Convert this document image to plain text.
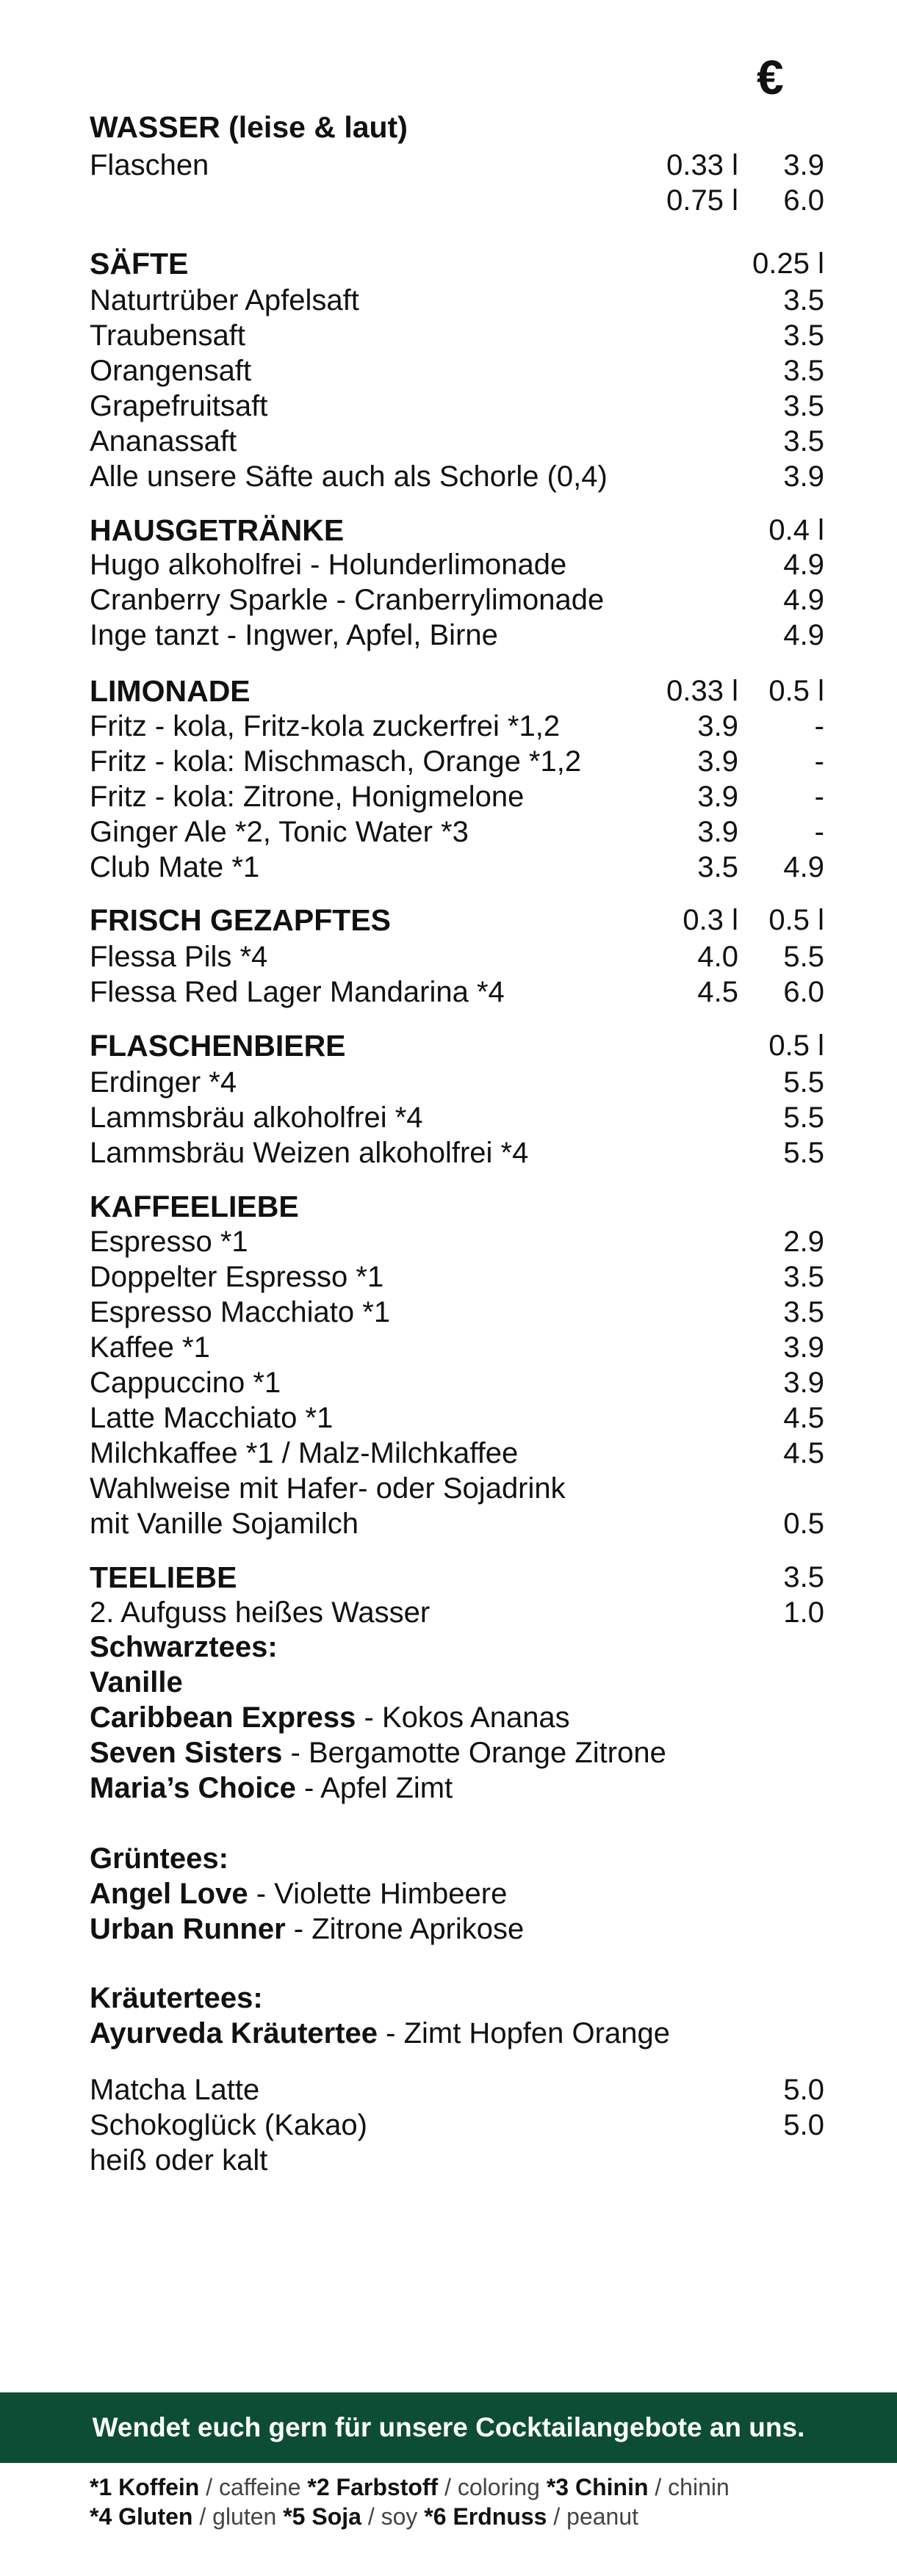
€
WASSER (leise & laut)
Flaschen	0.33 l 3.9
0.75 l 6.0
SÄFTE	0.25 l
Naturtrüber Apfelsaft	3.5
Traubensaft	3.5
Orangensaft	3.5
Grapefruitsaft	3.5
Ananassaft	3.5
Alle unsere Säfte auch als Schorle (0,4)	3.9
HAUSGETRÄNKE	0.4 l
Hugo alkoholfrei - Holunderlimonade	4.9
Cranberry Sparkle - Cranberrylimonade	4.9
Inge tanzt - Ingwer, Apfel, Birne	4.9
LIMONADE	0.33 l 0.5 l
Fritz - kola, Fritz-kola zuckerfrei *1,2	3.9	-
Fritz - kola: Mischmasch, Orange *1,2	3.9	-
Fritz - kola: Zitrone, Honigmelone	3.9	-
Ginger Ale *2, Tonic Water *3	3.9	-
Club Mate *1	3.5 4.9
FRISCH GEZAPFTES	0.3 l 0.5 l
Flessa Pils *4	4.0 5.5
Flessa Red Lager Mandarina *4	4.5 6.0
FLASCHENBIERE	0.5 l
Erdinger *4	5.5
Lammsbräu alkoholfrei *4	5.5
Lammsbräu Weizen alkoholfrei *4	5.5
KAFFEELIEBE
Espresso *1	2.9
Doppelter Espresso *1	3.5
Espresso Macchiato *1	3.5
Kaffee *1	3.9
Cappuccino *1	3.9
Latte Macchiato *1	4.5
Milchkaffee *1 / Malz-Milchkaffee	4.5
Wahlweise mit Hafer- oder Sojadrink
mit Vanille Sojamilch	0.5
TEELIEBE	3.5
2. Aufguss heißes Wasser	1.0
Schwarztees:
Vanille
Caribbean Express - Kokos Ananas
Seven Sisters - Bergamotte Orange Zitrone
Maria’s Choice - Apfel Zimt
Grüntees:
Angel Love - Violette Himbeere
Urban Runner - Zitrone Aprikose
Kräutertees:
Ayurveda Kräutertee - Zimt Hopfen Orange
Matcha Latte	5.0
Schokoglück (Kakao)	5.0
heiß oder kalt
Wendet euch gern für unsere Cocktailangebote an uns.
*1 Koffein / caffeine *2 Farbstoff / coloring *3 Chinin / chinin
*4 Gluten / gluten *5 Soja / soy *6 Erdnuss / peanut
